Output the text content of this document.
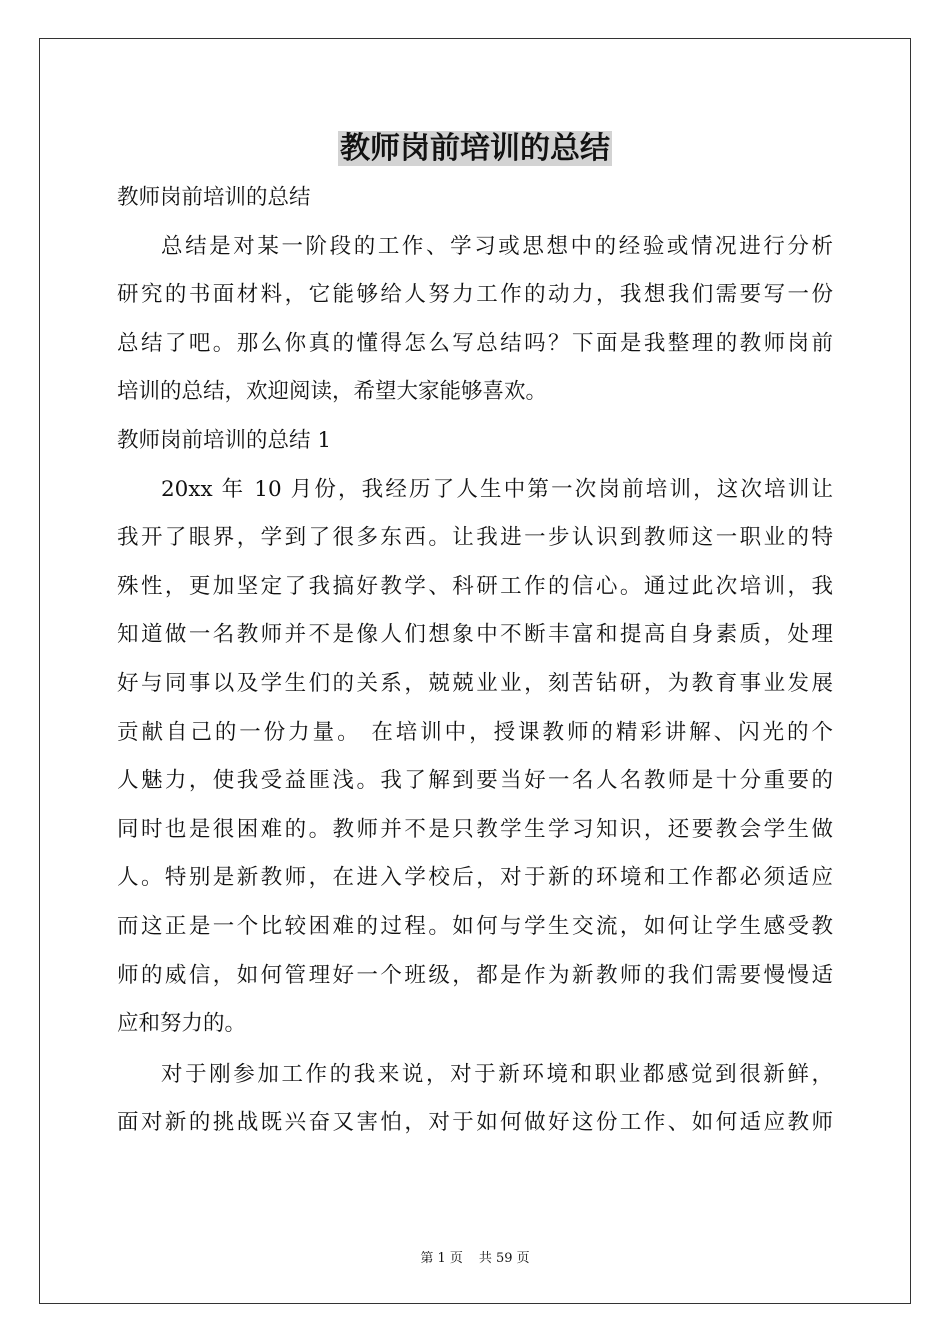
教师岗前培训的总结
教师岗前培训的总结
总结是对某一阶段的工作、学习或思想中的经验或情况进行分析
研究的书面材料，它能够给人努力工作的动力，我想我们需要写一份
总结了吧。那么你真的懂得怎么写总结吗？下面是我整理的教师岗前
培训的总结，欢迎阅读，希望大家能够喜欢。
教师岗前培训的总结 1
20xx 年 10 月份，我经历了人生中第一次岗前培训，这次培训让
我开了眼界，学到了很多东西。让我进一步认识到教师这一职业的特
殊性，更加坚定了我搞好教学、科研工作的信心。通过此次培训，我
知道做一名教师并不是像人们想象中不断丰富和提高自身素质，处理
好与同事以及学生们的关系，兢兢业业，刻苦钻研，为教育事业发展
贡献自己的一份力量。 在培训中，授课教师的精彩讲解、闪光的个
人魅力，使我受益匪浅。我了解到要当好一名人名教师是十分重要的
同时也是很困难的。教师并不是只教学生学习知识，还要教会学生做
人。特别是新教师，在进入学校后，对于新的环境和工作都必须适应
而这正是一个比较困难的过程。如何与学生交流，如何让学生感受教
师的威信，如何管理好一个班级，都是作为新教师的我们需要慢慢适
应和努力的。
对于刚参加工作的我来说，对于新环境和职业都感觉到很新鲜，
面对新的挑战既兴奋又害怕，对于如何做好这份工作、如何适应教师
第 1 页 共 59 页
